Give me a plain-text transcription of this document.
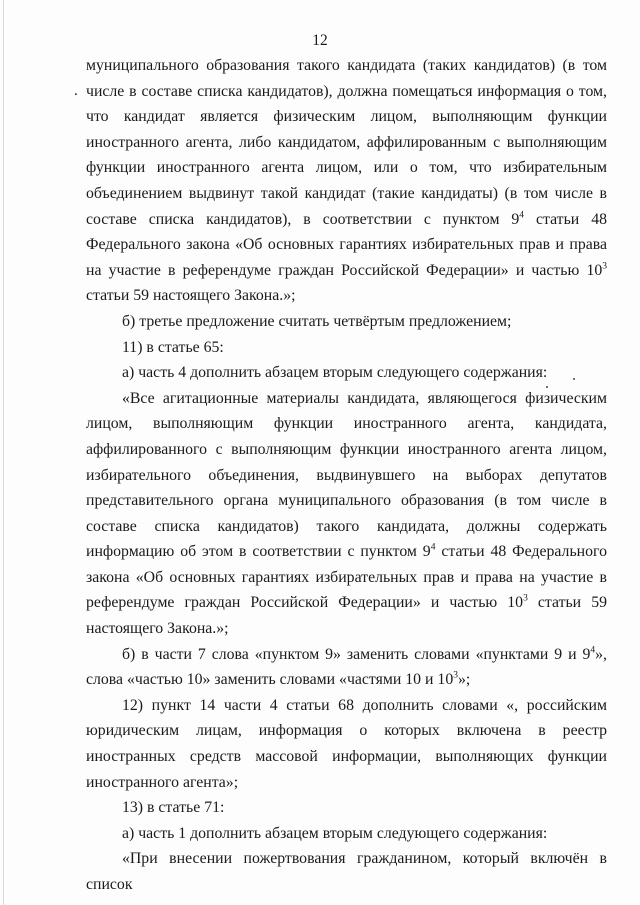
12
.

муниципального образования такого кандидата (таких кандидатов) (в том числе в составе списка кандидатов), должна помещаться информация о том, что кандидат является физическим лицом, выполняющим функции иностранного агента, либо кандидатом, аффилированным с выполняющим функции иностранного агента лицом, или о том, что избирательным объединением выдвинут такой кандидат (такие кандидаты) (в том числе в составе списка кандидатов), в соответствии с пунктом $9^4$ статьи 48 Федерального закона «Об основных гарантиях избирательных прав и права на участие в референдуме граждан Российской Федерации» и частью $10^3$ статьи 59 настоящего Закона.»;

б) третье предложение считать четвёртым предложением;

11) в статье 65:

а) часть 4 дополнить абзацем вторым следующего содержания:

«Все агитационные материалы кандидата, являющегося физическим лицом, выполняющим функции иностранного агента, кандидата, аффилированного с выполняющим функции иностранного агента лицом, избирательного объединения, выдвинувшего на выборах депутатов представительного органа муниципального образования (в том числе в составе списка кандидатов) такого кандидата, должны содержать информацию об этом в соответствии с пунктом $9^4$ статьи 48 Федерального закона «Об основных гарантиях избирательных прав и права на участие в референдуме граждан Российской Федерации» и частью $10^3$ статьи 59 настоящего Закона.»;

б) в части 7 слова «пунктом 9» заменить словами «пунктами 9 и $9^4$», слова «частью 10» заменить словами «частями 10 и $10^3$»;

12) пункт 14 части 4 статьи 68 дополнить словами «, российским юридическим лицам, информация о которых включена в реестр иностранных средств массовой информации, выполняющих функции иностранного агента»;

13) в статье 71:

а) часть 1 дополнить абзацем вторым следующего содержания:

«При внесении пожертвования гражданином, который включён в список
